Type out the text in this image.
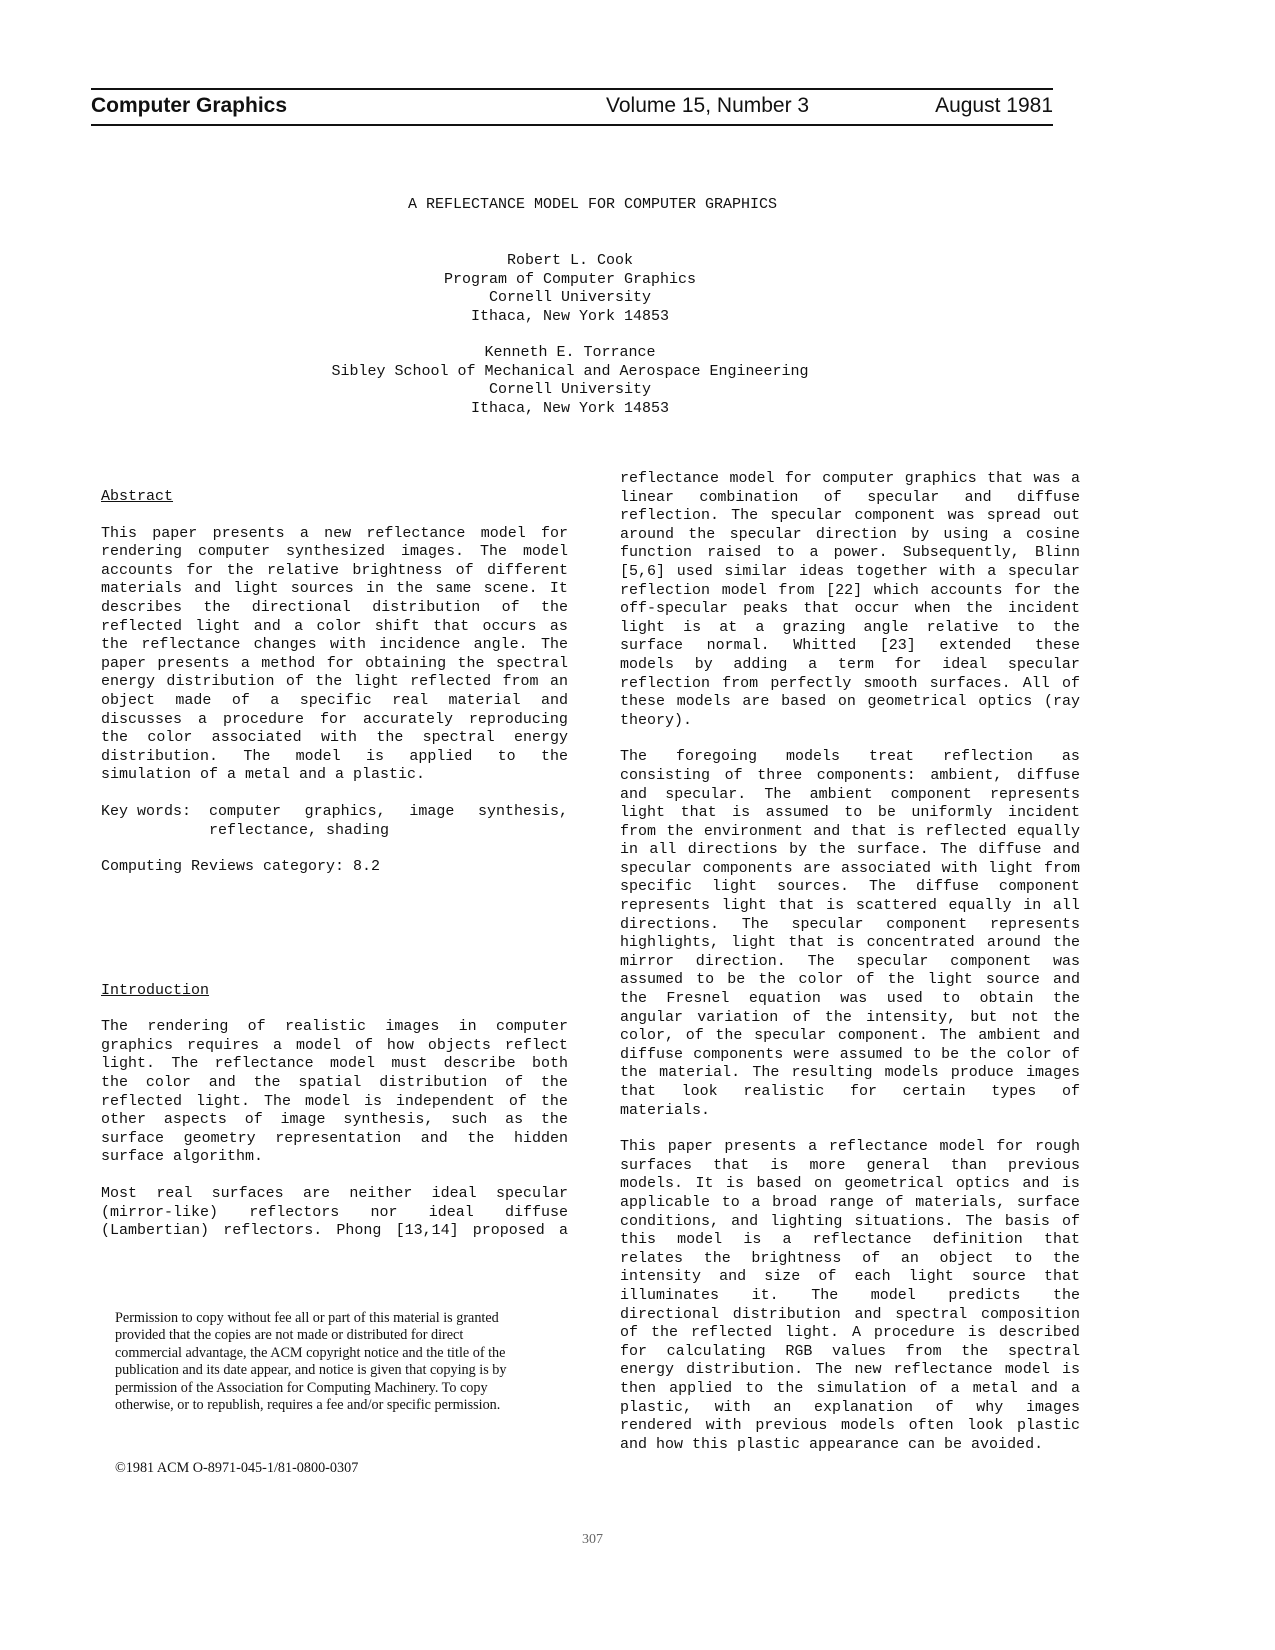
Computer Graphics	Volume 15, Number 3	August 1981
A REFLECTANCE MODEL FOR COMPUTER GRAPHICS
Robert L. Cook
Program of Computer Graphics
Cornell University
Ithaca, New York 14853
Kenneth E. Torrance
Sibley School of Mechanical and Aerospace Engineering
Cornell University
Ithaca, New York 14853
Abstract
This paper presents a new reflectance model for
rendering computer synthesized images. The model
accounts for the relative brightness of different
materials and light sources in the same scene. It
describes the directional distribution of the
reflected light and a color shift that occurs as
the reflectance changes with incidence angle. The
paper presents a method for obtaining the spectral
energy distribution of the light reflected from an
object made of a specific real material and
discusses a procedure for accurately reproducing
the color associated with the spectral energy
distribution. The model is applied to the
simulation of a metal and a plastic.
Key words:	computer graphics, image synthesis,
reflectance, shading
Computing Reviews category: 8.2
Introduction
The rendering of realistic images in computer
graphics requires a model of how objects reflect
light. The reflectance model must describe both
the color and the spatial distribution of the
reflected light. The model is independent of the
other aspects of image synthesis, such as the
surface geometry representation and the hidden
surface algorithm.
Most real surfaces are neither ideal specular
(mirror-like) reflectors nor ideal diffuse
(Lambertian) reflectors. Phong [13,14] proposed a
reflectance model for computer graphics that was a
linear combination of specular and diffuse
reflection. The specular component was spread out
around the specular direction by using a cosine
function raised to a power. Subsequently, Blinn
[5,6] used similar ideas together with a specular
reflection model from [22] which accounts for the
off-specular peaks that occur when the incident
light is at a grazing angle relative to the
surface normal. Whitted [23] extended these
models by adding a term for ideal specular
reflection from perfectly smooth surfaces. All of
these models are based on geometrical optics (ray
theory).
The foregoing models treat reflection as
consisting of three components: ambient, diffuse
and specular. The ambient component represents
light that is assumed to be uniformly incident
from the environment and that is reflected equally
in all directions by the surface. The diffuse and
specular components are associated with light from
specific light sources. The diffuse component
represents light that is scattered equally in all
directions. The specular component represents
highlights, light that is concentrated around the
mirror direction. The specular component was
assumed to be the color of the light source and
the Fresnel equation was used to obtain the
angular variation of the intensity, but not the
color, of the specular component. The ambient and
diffuse components were assumed to be the color of
the material. The resulting models produce images
that look realistic for certain types of
materials.
This paper presents a reflectance model for rough
surfaces that is more general than previous
models. It is based on geometrical optics and is
applicable to a broad range of materials, surface
conditions, and lighting situations. The basis of
this model is a reflectance definition that
relates the brightness of an object to the
intensity and size of each light source that
illuminates it. The model predicts the
directional distribution and spectral composition
of the reflected light. A procedure is described
for calculating RGB values from the spectral
energy distribution. The new reflectance model is
then applied to the simulation of a metal and a
plastic, with an explanation of why images
rendered with previous models often look plastic
and how this plastic appearance can be avoided.
Permission to copy without fee all or part of this material is granted
provided that the copies are not made or distributed for direct
commercial advantage, the ACM copyright notice and the title of the
publication and its date appear, and notice is given that copying is by
permission of the Association for Computing Machinery. To copy
otherwise, or to republish, requires a fee and/or specific permission.
©1981 ACM O-8971-045-1/81-0800-0307
307
